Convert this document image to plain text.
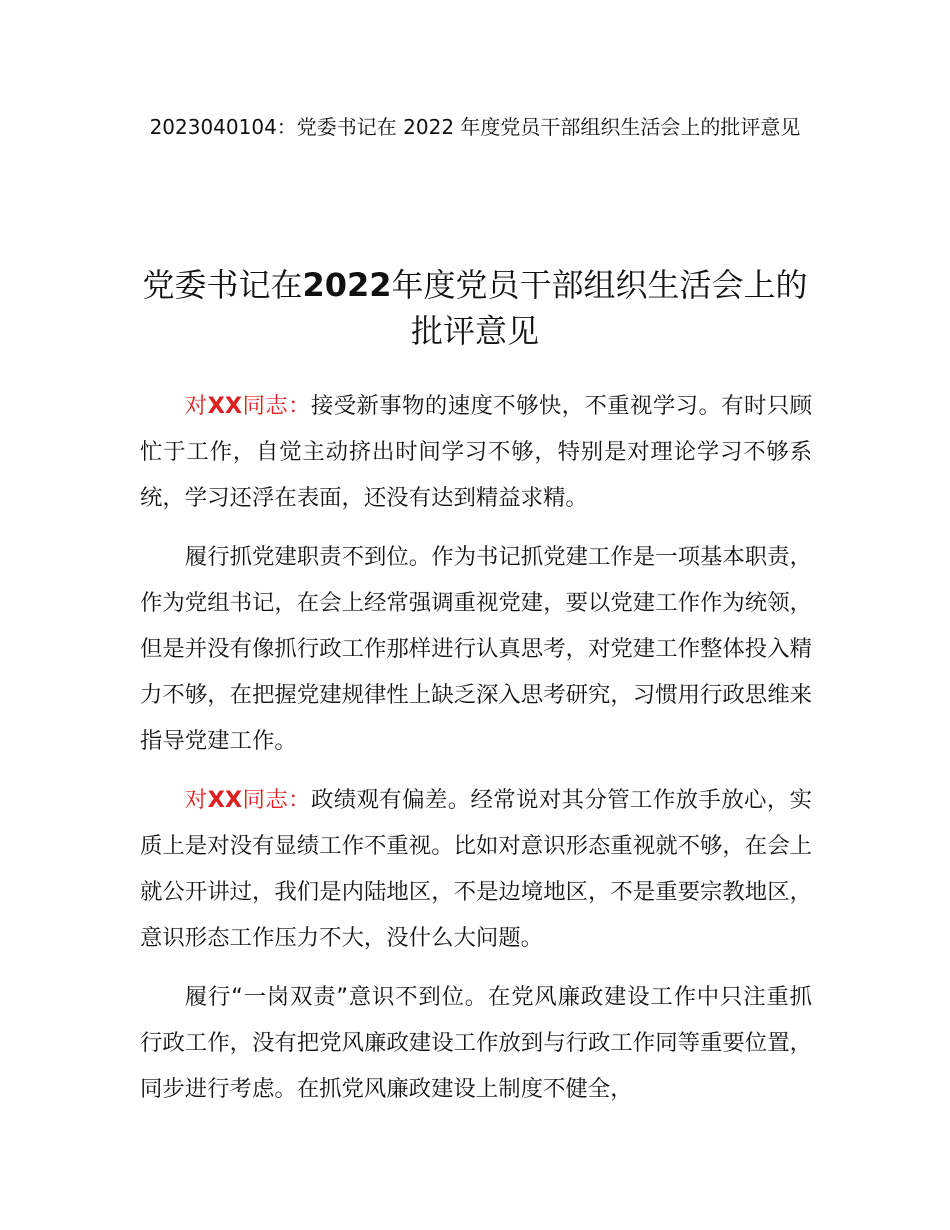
2023040104：党委书记在 2022 年度党员干部组织生活会上的批评意见
党委书记在2022年度党员干部组织生活会上的批评意见

对XX同志：接受新事物的速度不够快，不重视学习。有时只顾忙于工作，自觉主动挤出时间学习不够，特别是对理论学习不够系统，学习还浮在表面，还没有达到精益求精。

履行抓党建职责不到位。作为书记抓党建工作是一项基本职责，作为党组书记，在会上经常强调重视党建，要以党建工作作为统领，但是并没有像抓行政工作那样进行认真思考，对党建工作整体投入精力不够，在把握党建规律性上缺乏深入思考研究，习惯用行政思维来指导党建工作。

对XX同志：政绩观有偏差。经常说对其分管工作放手放心，实质上是对没有显绩工作不重视。比如对意识形态重视就不够，在会上就公开讲过，我们是内陆地区，不是边境地区，不是重要宗教地区，意识形态工作压力不大，没什么大问题。

履行“一岗双责”意识不到位。在党风廉政建设工作中只注重抓行政工作，没有把党风廉政建设工作放到与行政工作同等重要位置，同步进行考虑。在抓党风廉政建设上制度不健全，
